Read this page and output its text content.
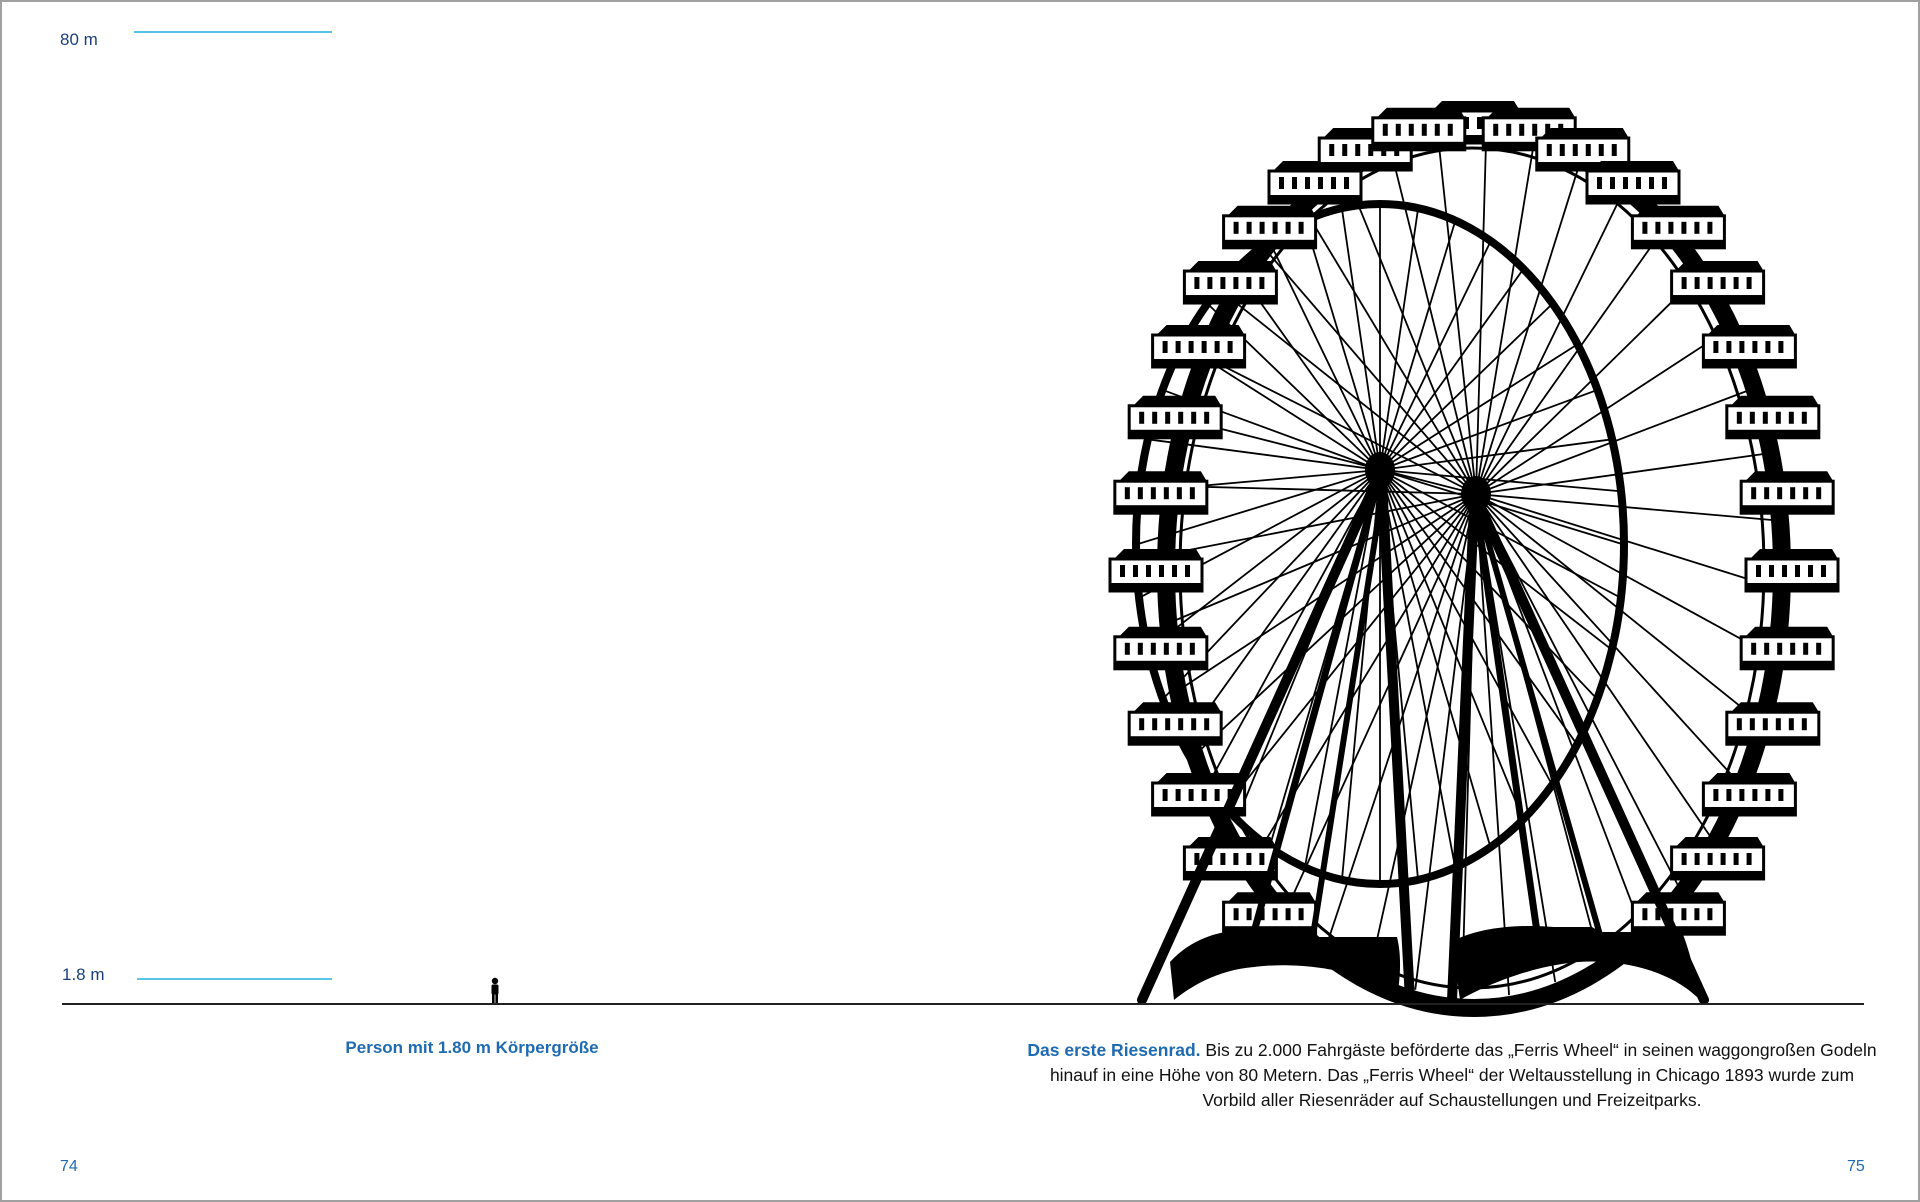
80 m
1.8 m
Person mit 1.80 m Körpergröße	Das erste Riesenrad. Bis zu 2.000 Fahrgäste beförderte das „Ferris Wheel“ in seinen waggongroßen Godeln hinauf in eine Höhe von 80 Metern. Das „Ferris Wheel“ der Weltausstellung in Chicago 1893 wurde zum Vorbild aller Riesenräder auf Schaustellungen und Freizeitparks.
74	75
